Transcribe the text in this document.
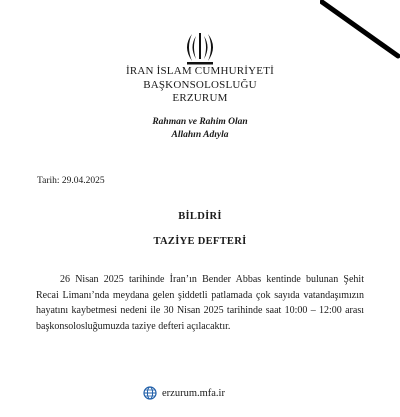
İRAN İSLAM CUMHURİYETİ
BAŞKONSOLOSLUĞU
ERZURUM
Rahman ve Rahim Olan
Allahın Adıyla
Tarih: 29.04.2025
BİLDİRİ
TAZİYE DEFTERİ
26 Nisan 2025 tarihinde İran’ın Bender Abbas kentinde bulunan Şehit Recai Limanı’nda meydana gelen şiddetli patlamada çok sayıda vatandaşımızın hayatını kaybetmesi nedeni ile 30 Nisan 2025 tarihinde saat 10:00 – 12:00 arası başkonsolosluğumuzda taziye defteri açılacaktır.
erzurum.mfa.ir
